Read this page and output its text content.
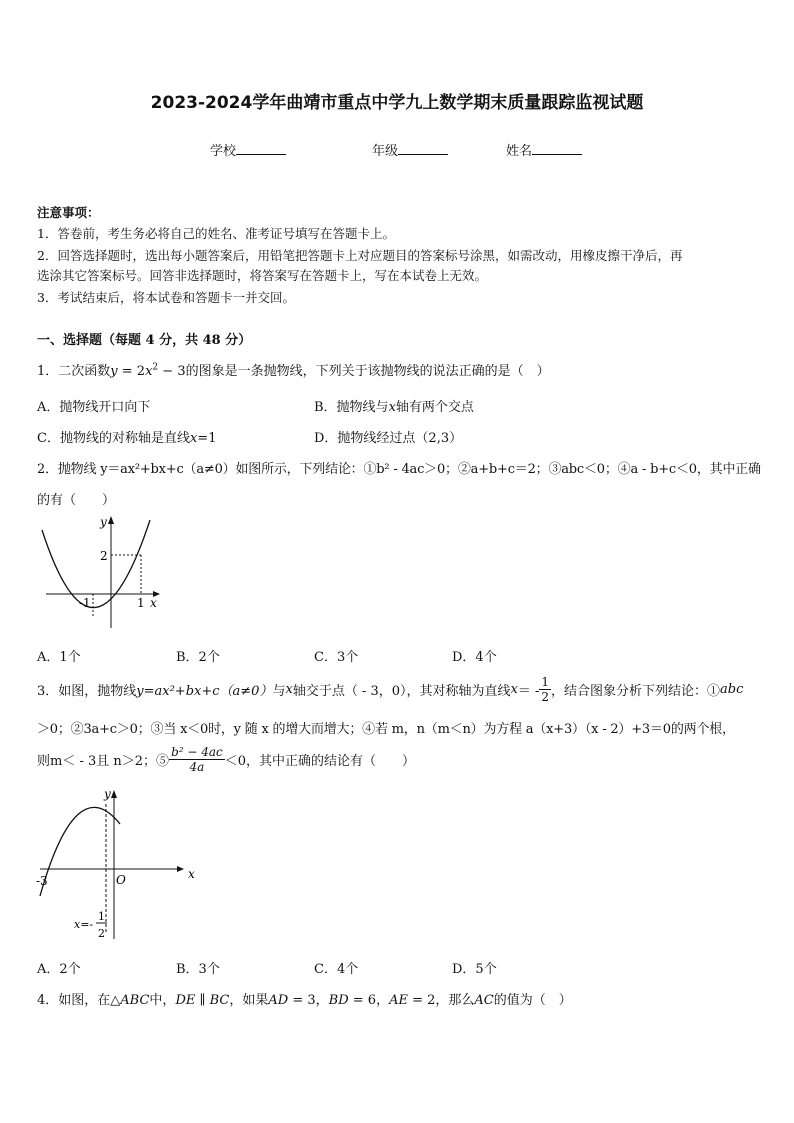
2023-2024学年曲靖市重点中学九上数学期末质量跟踪监视试题
学校	年级	姓名
注意事项：
1．答卷前，考生务必将自己的姓名、准考证号填写在答题卡上。
2．回答选择题时，选出每小题答案后，用铅笔把答题卡上对应题目的答案标号涂黑，如需改动，用橡皮擦干净后，再
选涂其它答案标号。回答非选择题时，将答案写在答题卡上，写在本试卷上无效。
3．考试结束后，将本试卷和答题卡一并交回。
一、选择题（每题 4 分，共 48 分）
1．二次函数$y = 2x^2 - 3$的图象是一条抛物线，下列关于该抛物线的说法正确的是（　）
A．抛物线开口向下	B．抛物线与x轴有两个交点
C．抛物线的对称轴是直线x=1	D．抛物线经过点（2,3）
2．抛物线 y＝ax²+bx+c（a≠0）如图所示，下列结论：①b² - 4ac＞0；②a+b+c＝2；③abc＜0；④a - b+c＜0，其中正确
的有（　　）
y
x
2
-1	1
A．1个	B．2个	C．3个	D．4个
3．如图，抛物线 y=ax²+bx+c（a≠0） 与 x 轴交于点（ - 3，0），其对称轴为直线 x ＝ - $\frac{1}{2}$ ，结合图象分析下列结论：① abc
＞0；②3a+c＞0；③当 x＜0时，y 随 x 的增大而增大；④若 m，n（m＜n）为方程 a（x+3）（x - 2）+3＝0的两个根，
则 m＜ - 3且 n＞2；⑤ $\frac{\text{b² − 4ac}}{4a} <0$，其中正确的结论有（　　）
y
x
O
-3
x=-
1
2
A．2个	B．3个	C．4个	D．5个
4．如图，在△ABC中，DE ∥ BC，如果AD = 3，BD = 6，AE = 2，那么AC的值为（　）
